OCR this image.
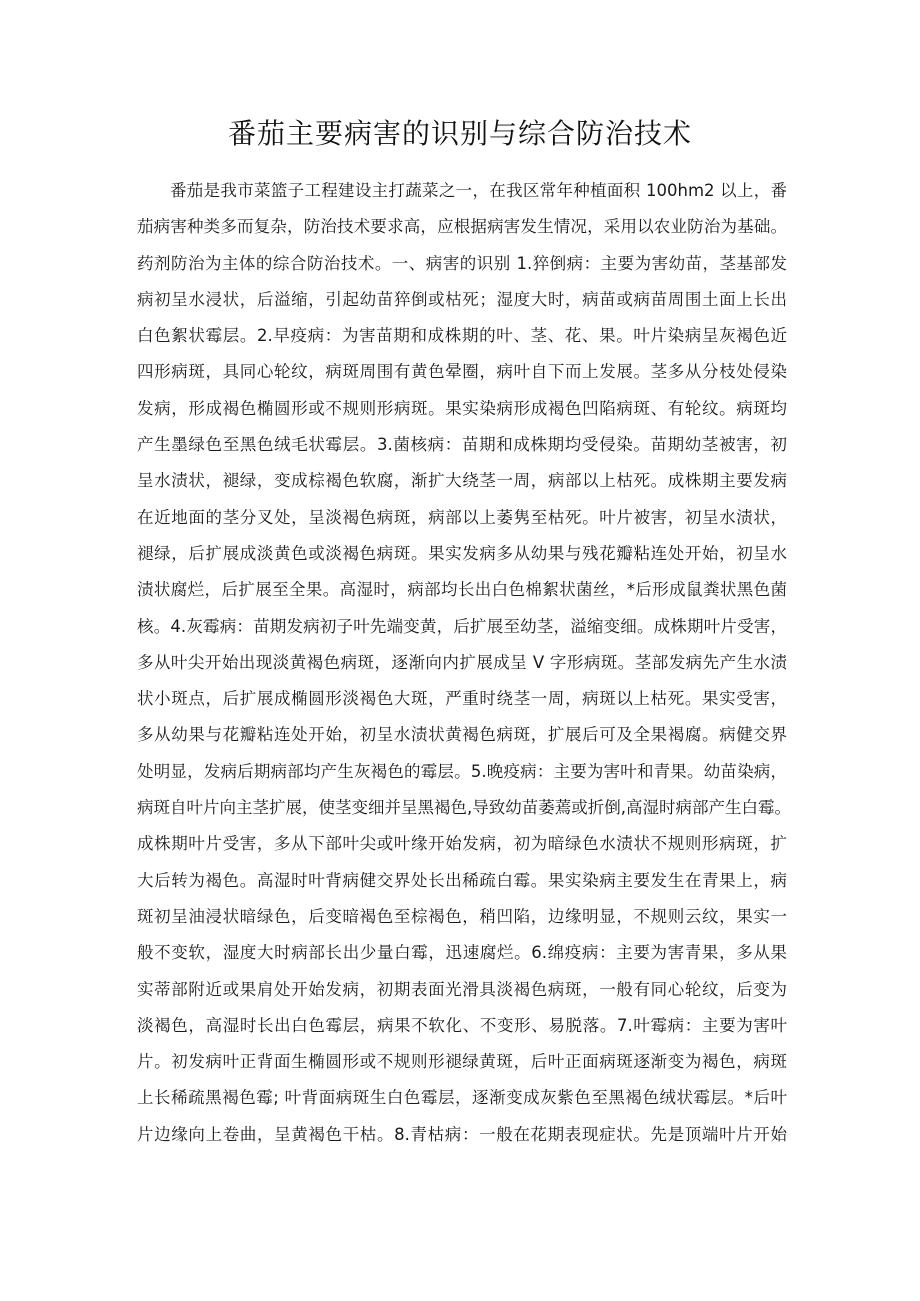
番茄主要病害的识别与综合防治技术
番茄是我市菜篮子工程建设主打蔬菜之一，在我区常年种植面积 100hm2 以上，番
茄病害种类多而复杂，防治技术要求高，应根据病害发生情况，采用以农业防治为基础。
药剂防治为主体的综合防治技术。一、病害的识别 1.猝倒病：主要为害幼苗，茎基部发
病初呈水浸状，后溢缩，引起幼苗猝倒或枯死；湿度大时，病苗或病苗周围土面上长出
白色絮状霉层。2.早疫病：为害苗期和成株期的叶、茎、花、果。叶片染病呈灰褐色近
四形病斑，具同心轮纹，病斑周围有黄色晕圈，病叶自下而上发展。茎多从分枝处侵染
发病，形成褐色椭圆形或不规则形病斑。果实染病形成褐色凹陷病斑、有轮纹。病斑均
产生墨绿色至黑色绒毛状霉层。3.菌核病：苗期和成株期均受侵染。苗期幼茎被害，初
呈水渍状，褪绿，变成棕褐色软腐，渐扩大绕茎一周，病部以上枯死。成株期主要发病
在近地面的茎分叉处，呈淡褐色病斑，病部以上萎隽至枯死。叶片被害，初呈水渍状，
褪绿，后扩展成淡黄色或淡褐色病斑。果实发病多从幼果与残花瓣粘连处开始，初呈水
渍状腐烂，后扩展至全果。高湿时，病部均长出白色棉絮状菌丝，*后形成鼠粪状黑色菌
核。4.灰霉病：苗期发病初子叶先端变黄，后扩展至幼茎，溢缩变细。成株期叶片受害，
多从叶尖开始出现淡黄褐色病斑，逐渐向内扩展成呈 V 字形病斑。茎部发病先产生水渍
状小斑点，后扩展成椭圆形淡褐色大斑，严重时绕茎一周，病斑以上枯死。果实受害，
多从幼果与花瓣粘连处开始，初呈水渍状黄褐色病斑，扩展后可及全果褐腐。病健交界
处明显，发病后期病部均产生灰褐色的霉层。5.晚疫病：主要为害叶和青果。幼苗染病，
病斑自叶片向主茎扩展，使茎变细并呈黑褐色,导致幼苗萎蔫或折倒,高湿时病部产生白霉。
成株期叶片受害，多从下部叶尖或叶缘开始发病，初为暗绿色水渍状不规则形病斑，扩
大后转为褐色。高湿时叶背病健交界处长出稀疏白霉。果实染病主要发生在青果上，病
斑初呈油浸状暗绿色，后变暗褐色至棕褐色，稍凹陷，边缘明显，不规则云纹，果实一
般不变软，湿度大时病部长出少量白霉，迅速腐烂。6.绵疫病：主要为害青果，多从果
实蒂部附近或果肩处开始发病，初期表面光滑具淡褐色病斑，一般有同心轮纹，后变为
淡褐色，高湿时长出白色霉层，病果不软化、不变形、易脱落。7.叶霉病：主要为害叶
片。初发病叶正背面生椭圆形或不规则形褪绿黄斑，后叶正面病斑逐渐变为褐色，病斑
上长稀疏黑褐色霉; 叶背面病斑生白色霉层，逐渐变成灰紫色至黑褐色绒状霉层。*后叶
片边缘向上卷曲，呈黄褐色干枯。8.青枯病：一般在花期表现症状。先是顶端叶片开始
